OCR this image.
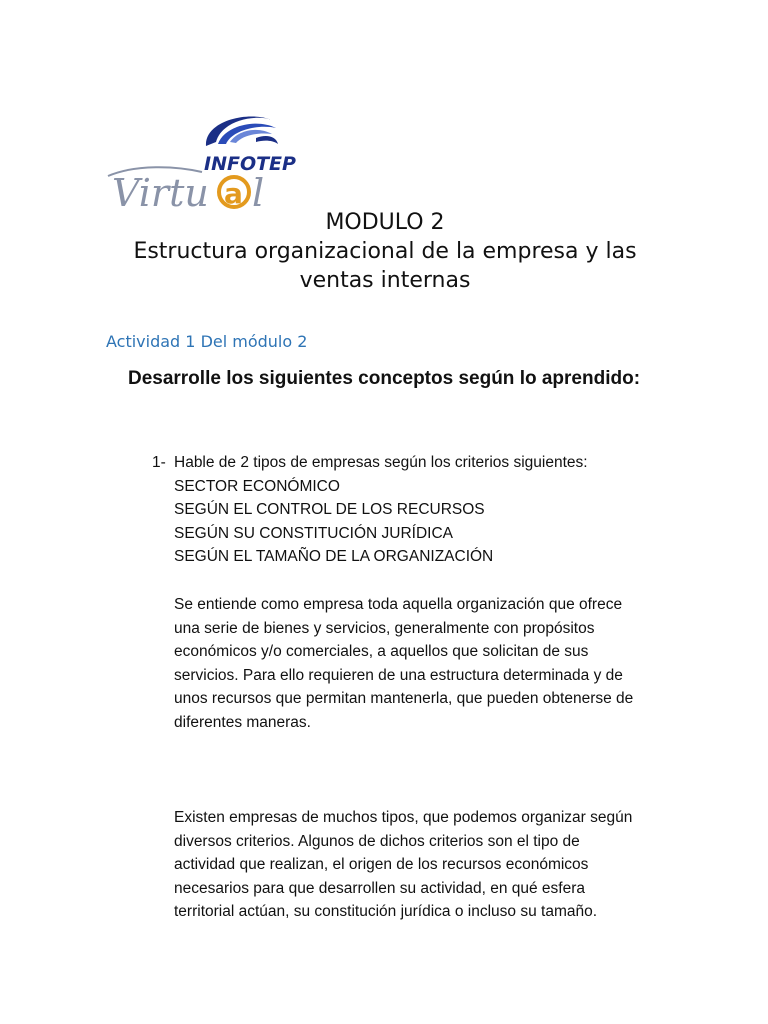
INFOTEP
Virtu a l
MODULO 2
Estructura organizacional de la empresa y las
ventas internas
Actividad 1 Del módulo 2
Desarrolle los siguientes conceptos según lo aprendido:
1- Hable de 2 tipos de empresas según los criterios siguientes:
SECTOR ECONÓMICO
SEGÚN EL CONTROL DE LOS RECURSOS
SEGÚN SU CONSTITUCIÓN JURÍDICA
SEGÚN EL TAMAÑO DE LA ORGANIZACIÓN
Se entiende como empresa toda aquella organización que ofrece
una serie de bienes y servicios, generalmente con propósitos
económicos y/o comerciales, a aquellos que solicitan de sus
servicios. Para ello requieren de una estructura determinada y de
unos recursos que permitan mantenerla, que pueden obtenerse de
diferentes maneras.
Existen empresas de muchos tipos, que podemos organizar según
diversos criterios. Algunos de dichos criterios son el tipo de
actividad que realizan, el origen de los recursos económicos
necesarios para que desarrollen su actividad, en qué esfera
territorial actúan, su constitución jurídica o incluso su tamaño.
